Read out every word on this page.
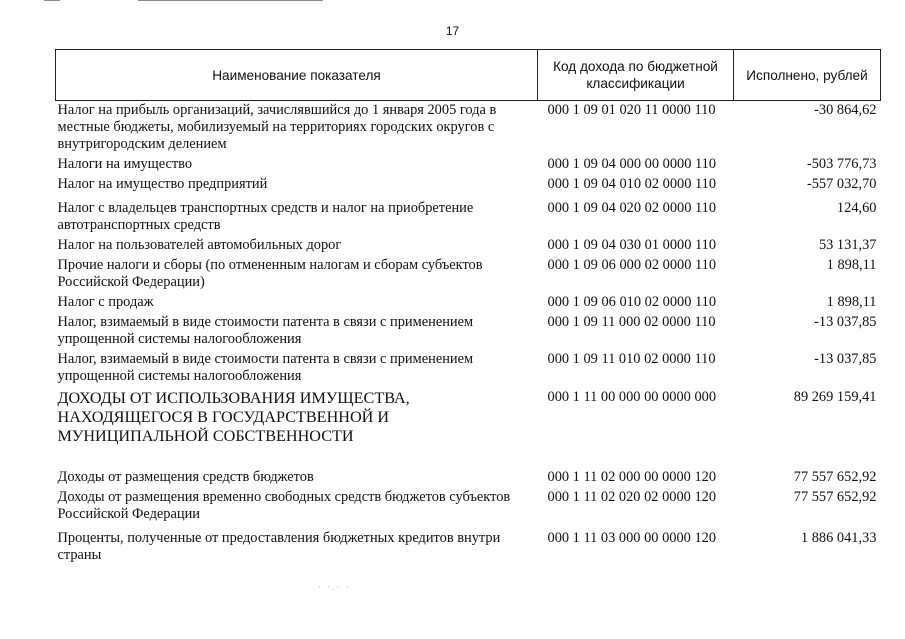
17
Наименование показателя	Код дохода по бюджетной классификации	Исполнено, рублей
Налог на прибыль организаций, зачислявшийся до 1 января 2005 года в местные бюджеты, мобилизуемый на территориях городских округов с внутригородским делением	000 1 09 01 020 11 0000 110	-30 864,62
Налоги на имущество	000 1 09 04 000 00 0000 110	-503 776,73
Налог на имущество предприятий	000 1 09 04 010 02 0000 110	-557 032,70
Налог с владельцев транспортных средств и налог на приобретение автотранспортных средств	000 1 09 04 020 02 0000 110	124,60
Налог на пользователей автомобильных дорог	000 1 09 04 030 01 0000 110	53 131,37
Прочие налоги и сборы (по отмененным налогам и сборам субъектов Российской Федерации)	000 1 09 06 000 02 0000 110	1 898,11
Налог с продаж	000 1 09 06 010 02 0000 110	1 898,11
Налог, взимаемый в виде стоимости патента в связи с применением упрощенной системы налогообложения	000 1 09 11 000 02 0000 110	-13 037,85
Налог, взимаемый в виде стоимости патента в связи с применением упрощенной системы налогообложения	000 1 09 11 010 02 0000 110	-13 037,85
ДОХОДЫ ОТ ИСПОЛЬЗОВАНИЯ ИМУЩЕСТВА, НАХОДЯЩЕГОСЯ В ГОСУДАРСТВЕННОЙ И МУНИЦИПАЛЬНОЙ СОБСТВЕННОСТИ	000 1 11 00 000 00 0000 000	89 269 159,41
Доходы от размещения средств бюджетов	000 1 11 02 000 00 0000 120	77 557 652,92
Доходы от размещения временно свободных средств бюджетов субъектов Российской Федерации	000 1 11 02 020 02 0000 120	77 557 652,92
Проценты, полученные от предоставления бюджетных кредитов внутри страны	000 1 11 03 000 00 0000 120	1 886 041,33
· ·.· ·
